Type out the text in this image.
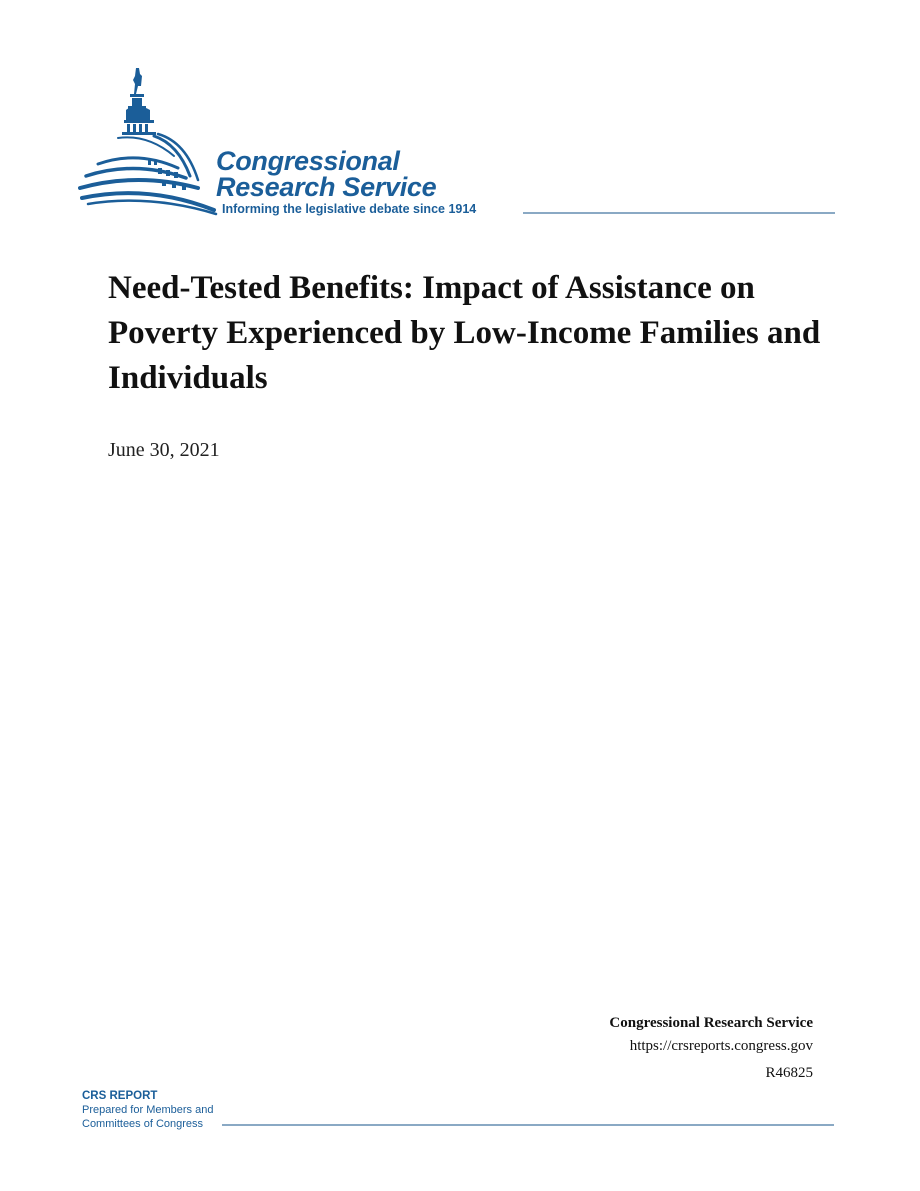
Congressional
Research Service
Informing the legislative debate since 1914
Need-Tested Benefits: Impact of Assistance on Poverty Experienced by Low-Income Families and Individuals
June 30, 2021
Congressional Research Service
https://crsreports.congress.gov
R46825
CRS REPORT
Prepared for Members and
Committees of Congress
